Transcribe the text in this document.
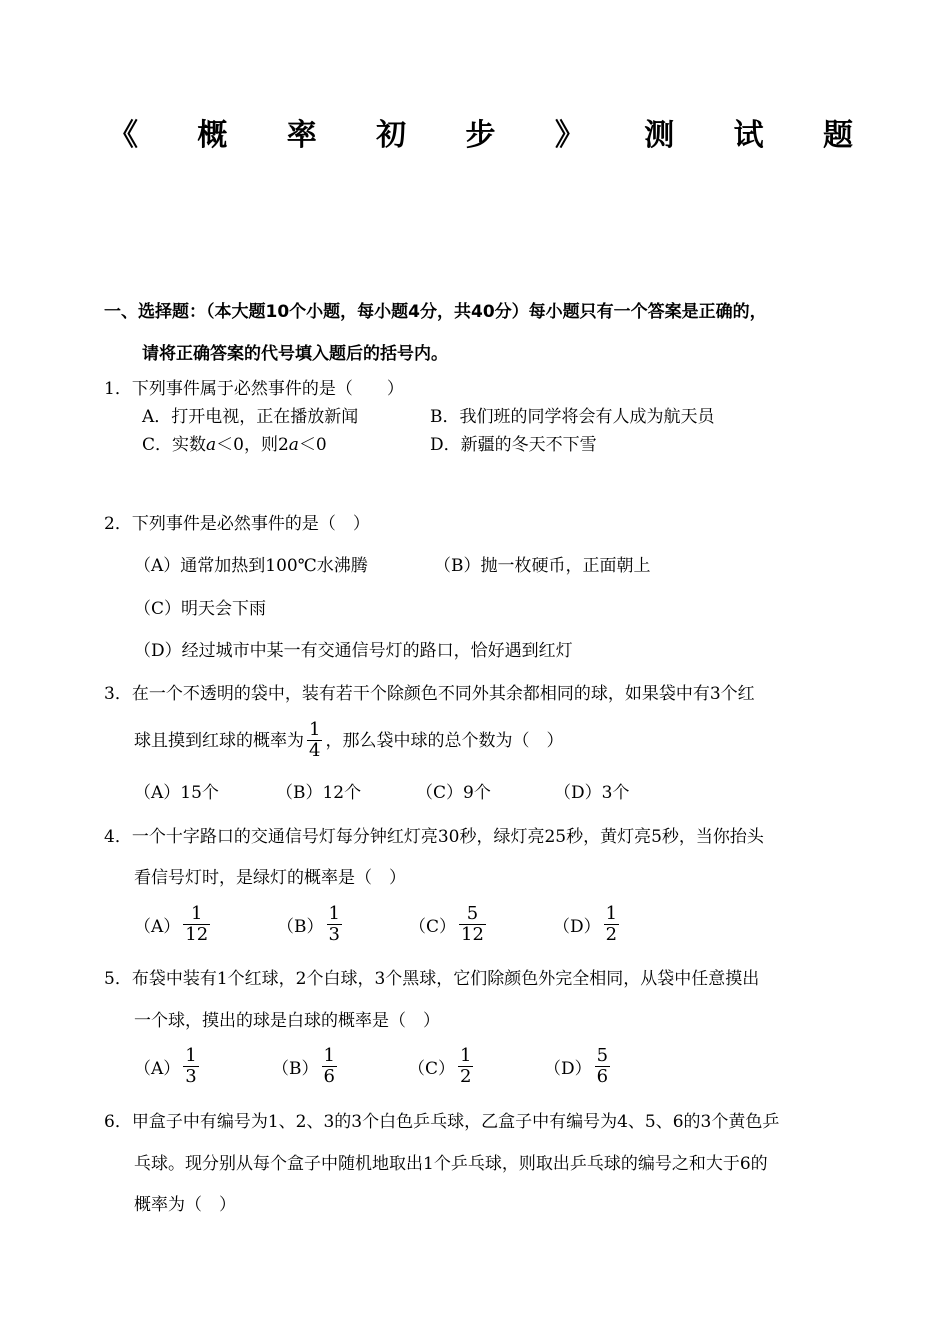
《 概 率 初 步 》 测 试 题
一、选择题：（本大题10个小题，每小题4分，共40分）每小题只有一个答案是正确的，
请将正确答案的代号填入题后的括号内。
1．下列事件属于必然事件的是（　　）
A．打开电视，正在播放新闻	B．我们班的同学将会有人成为航天员
C．实数a＜0，则2a＜0	D．新疆的冬天不下雪
2．下列事件是必然事件的是（　）
（A）通常加热到100℃水沸腾	（B）抛一枚硬币，正面朝上
（C）明天会下雨
（D）经过城市中某一有交通信号灯的路口，恰好遇到红灯
3．在一个不透明的袋中，装有若干个除颜色不同外其余都相同的球，如果袋中有3个红
球且摸到红球的概率为 $\frac{1}{4}$ ，那么袋中球的总个数为（　）
（A）15个	（B）12个	（C）9个	（D）3个
4．一个十字路口的交通信号灯每分钟红灯亮30秒，绿灯亮25秒，黄灯亮5秒，当你抬头
看信号灯时，是绿灯的概率是（　）
$(A) \frac{1}{12}$	$(B) \frac{1}{3}$	$(C) \frac{5}{12}$	$(D) \frac{1}{2}$
5．布袋中装有1个红球，2个白球，3个黑球，它们除颜色外完全相同，从袋中任意摸出
一个球，摸出的球是白球的概率是（　）
$(A) \frac{1}{3}$	$(B) \frac{1}{6}$	$(C) \frac{1}{2}$	$(D) \frac{5}{6}$
6．甲盒子中有编号为1、2、3的3个白色乒乓球，乙盒子中有编号为4、5、6的3个黄色乒
乓球。现分别从每个盒子中随机地取出1个乒乓球，则取出乒乓球的编号之和大于6的
概率为（　）
